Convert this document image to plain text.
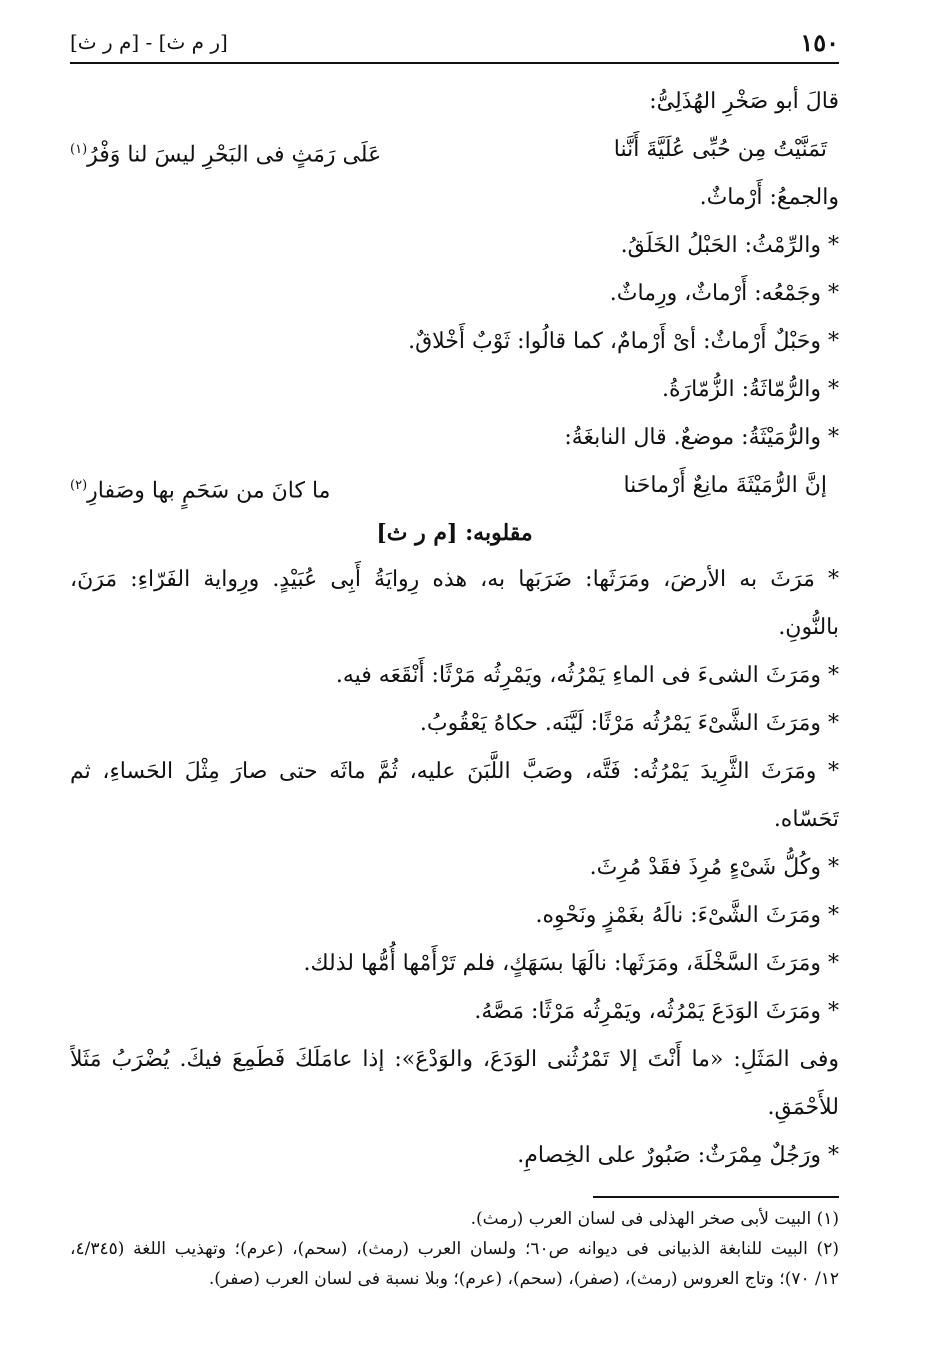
١٥٠
[ر م ث] - [م ر ث]
قالَ أبو صَخْرِ الهُذَلِىُّ:
تَمَنَّيْتُ مِن حُبِّى عُلَيَّةَ أَنَّنا
عَلَى رَمَثٍ فى البَحْرِ ليسَ لنا وَفْرُ$^{(١)}$
والجمعُ: أَرْماثٌ.
* والرِّمْثُ: الحَبْلُ الخَلَقُ.
* وجَمْعُه: أَرْماثٌ، ورِماثٌ.
* وحَبْلٌ أَرْماثٌ: أىْ أَرْمامٌ، كما قالُوا: ثَوْبٌ أَخْلاقٌ.
* والرُّمّاثَةُ: الزُّمّارَةُ.
* والرُّمَيْثَةُ: موضعٌ. قال النابغَةُ:
إنَّ الرُّمَيْثَةَ مانِعٌ أَرْماحَنا
ما كانَ من سَحَمٍ بها وصَفارِ$^{(٢)}$
مقلوبه: [م ر ث]
* مَرَثَ به الأرضَ، ومَرَثَها: ضَرَبَها به، هذه رِوايَةُ أَبِى عُبَيْدٍ. ورِواية الفَرّاءِ: مَرَنَ،
بالنُّونِ.
* ومَرَثَ الشىءَ فى الماءِ يَمْرُثُه، ويَمْرِثُه مَرْثًا: أَنْقَعَه فيه.
* ومَرَثَ الشَّىْءَ يَمْرُثُه مَرْثًا: لَيَّنَه. حكاهُ يَعْقُوبُ.
* ومَرَثَ الثَّرِيدَ يَمْرُثُه: فَتَّه، وصَبَّ اللَّبَنَ عليه، ثُمَّ ماثَه حتى صارَ مِثْلَ الحَساءِ، ثم
تَحَسّاه.
* وكُلُّ شَىْءٍ مُرِذَ فقَدْ مُرِثَ.
* ومَرَثَ الشَّىْءَ: نالَهُ بغَمْزٍ ونَحْوِه.
* ومَرَثَ السَّخْلَةَ، ومَرَثَها: نالَهَا بسَهَكٍ، فلم تَرْأَمْها أُمُّها لذلك.
* ومَرَثَ الوَدَعَ يَمْرُثُه، ويَمْرِثُه مَرْثًا: مَصَّهُ.
وفى المَثَلِ: «ما أَنْتَ إلا تَمْرُثُنى الوَدَعَ، والوَدْعَ»: إذا عامَلَكَ فَطَمِعَ فيكَ. يُضْرَبُ مَثَلاً
للأَحْمَقِ.
* ورَجُلٌ مِمْرَثٌ: صَبُورٌ على الخِصامِ.
(١) البيت لأبى صخر الهذلى فى لسان العرب (رمث).
(٢) البيت للنابغة الذبيانى فى ديوانه ص٦٠؛ ولسان العرب (رمث)، (سحم)، (عرم)؛ وتهذيب اللغة (٤/٣٤٥،
١٢/ ٧٠)؛ وتاج العروس (رمث)، (صفر)، (سحم)، (عرم)؛ وبلا نسبة فى لسان العرب (صفر).
